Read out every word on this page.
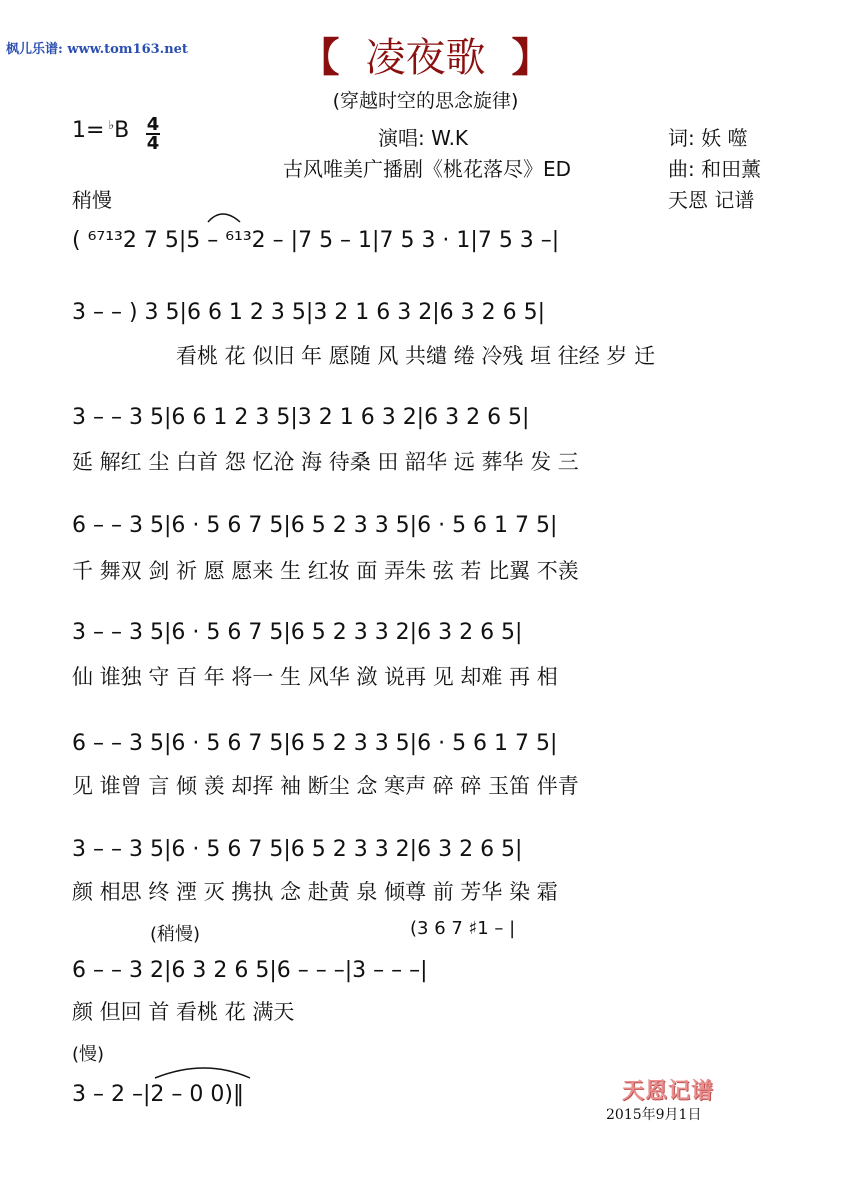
枫儿乐谱: www.tom163.net	【 凌夜歌 】
(穿越时空的思念旋律)
1= ♭B 4
4	演唱: W.K
古风唯美广播剧《桃花落尽》ED
词: 妖 噬
曲: 和田薰
稍慢	天恩 记谱
( ⁶⁷¹³2 7 5|5 – ⁶¹³2 – |7 5 – 1|7 5 3 · 1|7 5 3 –|
3 – – ) 3 5|6 6 1 2 3 5|3 2 1 6 3 2|6 3 2 6 5|
看桃 花 似旧 年 愿随 风 共缱 绻 冷残 垣 往经 岁 迁
3 – – 3 5|6 6 1 2 3 5|3 2 1 6 3 2|6 3 2 6 5|
延 解红 尘 白首 怨 忆沧 海 待桑 田 韶华 远 葬华 发 三
6 – – 3 5|6 · 5 6 7 5|6 5 2 3 3 5|6 · 5 6 1 7 5|
千 舞双 剑 祈 愿 愿来 生 红妆 面 弄朱 弦 若 比翼 不羡
3 – – 3 5|6 · 5 6 7 5|6 5 2 3 3 2|6 3 2 6 5|
仙 谁独 守 百 年 将一 生 风华 潋 说再 见 却难 再 相
6 – – 3 5|6 · 5 6 7 5|6 5 2 3 3 5|6 · 5 6 1 7 5|
见 谁曾 言 倾 羡 却挥 袖 断尘 念 寒声 碎 碎 玉笛 伴青
3 – – 3 5|6 · 5 6 7 5|6 5 2 3 3 2|6 3 2 6 5|
颜 相思 终 湮 灭 携执 念 赴黄 泉 倾尊 前 芳华 染 霜
(稍慢)	(3 6 7 ♯1 – |
6 – – 3 2|6 3 2 6 5|6 – – –|3 – – –|
颜 但回 首 看桃 花 满天
(慢)
3 – 2 –|2 – 0 0)‖	天恩记谱
2015年9月1日
